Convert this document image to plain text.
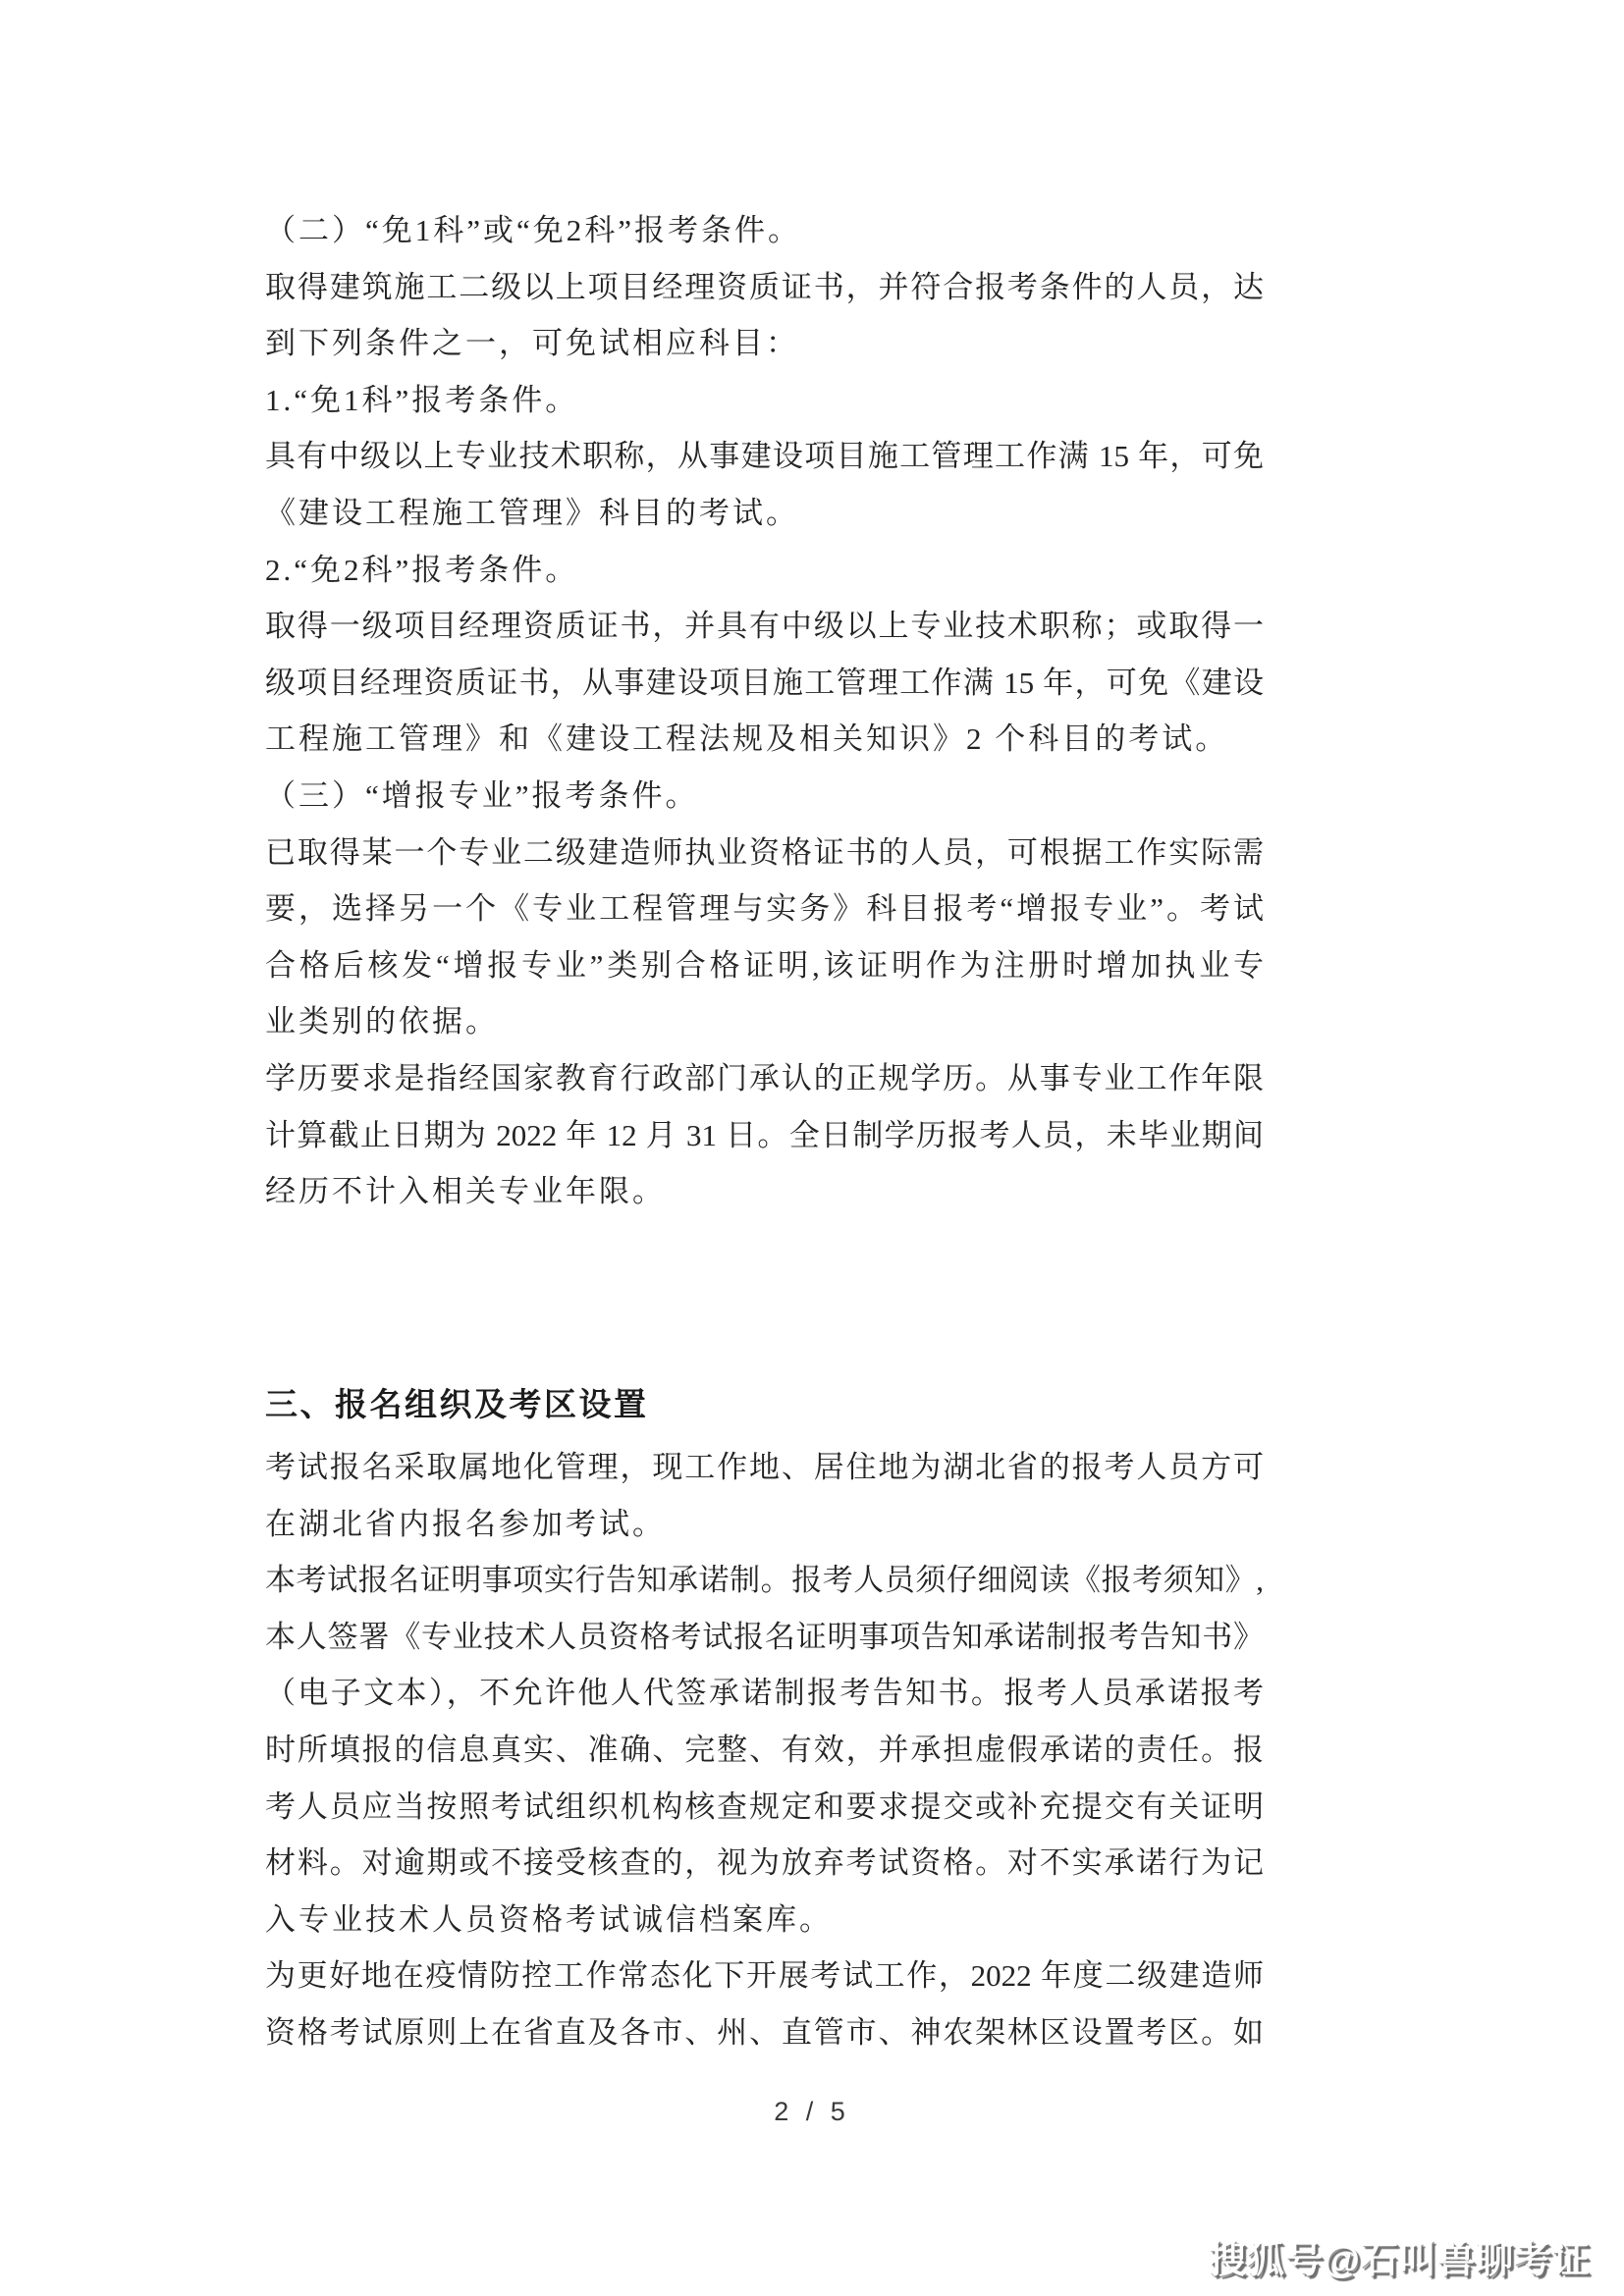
（二）“免1科”或“免2科”报考条件。
取得建筑施工二级以上项目经理资质证书，并符合报考条件的人员，达
到下列条件之一，可免试相应科目：
1.“免1科”报考条件。
具有中级以上专业技术职称，从事建设项目施工管理工作满 15 年，可免
《建设工程施工管理》科目的考试。
2.“免2科”报考条件。
取得一级项目经理资质证书，并具有中级以上专业技术职称；或取得一
级项目经理资质证书，从事建设项目施工管理工作满 15 年，可免《建设
工程施工管理》和《建设工程法规及相关知识》2 个科目的考试。
（三）“增报专业”报考条件。
已取得某一个专业二级建造师执业资格证书的人员，可根据工作实际需
要，选择另一个《专业工程管理与实务》科目报考“增报专业”。考试
合格后核发“增报专业”类别合格证明,该证明作为注册时增加执业专
业类别的依据。
学历要求是指经国家教育行政部门承认的正规学历。从事专业工作年限
计算截止日期为 2022 年 12 月 31 日。全日制学历报考人员，未毕业期间
经历不计入相关专业年限。
三、报名组织及考区设置
考试报名采取属地化管理，现工作地、居住地为湖北省的报考人员方可
在湖北省内报名参加考试。
本考试报名证明事项实行告知承诺制。报考人员须仔细阅读《报考须知》,
本人签署《专业技术人员资格考试报名证明事项告知承诺制报考告知书》
（电子文本），不允许他人代签承诺制报考告知书。报考人员承诺报考
时所填报的信息真实、准确、完整、有效，并承担虚假承诺的责任。报
考人员应当按照考试组织机构核查规定和要求提交或补充提交有关证明
材料。对逾期或不接受核查的，视为放弃考试资格。对不实承诺行为记
入专业技术人员资格考试诚信档案库。
为更好地在疫情防控工作常态化下开展考试工作，2022 年度二级建造师
资格考试原则上在省直及各市、州、直管市、神农架林区设置考区。如
2 / 5
搜狐号@石叫兽聊考证
